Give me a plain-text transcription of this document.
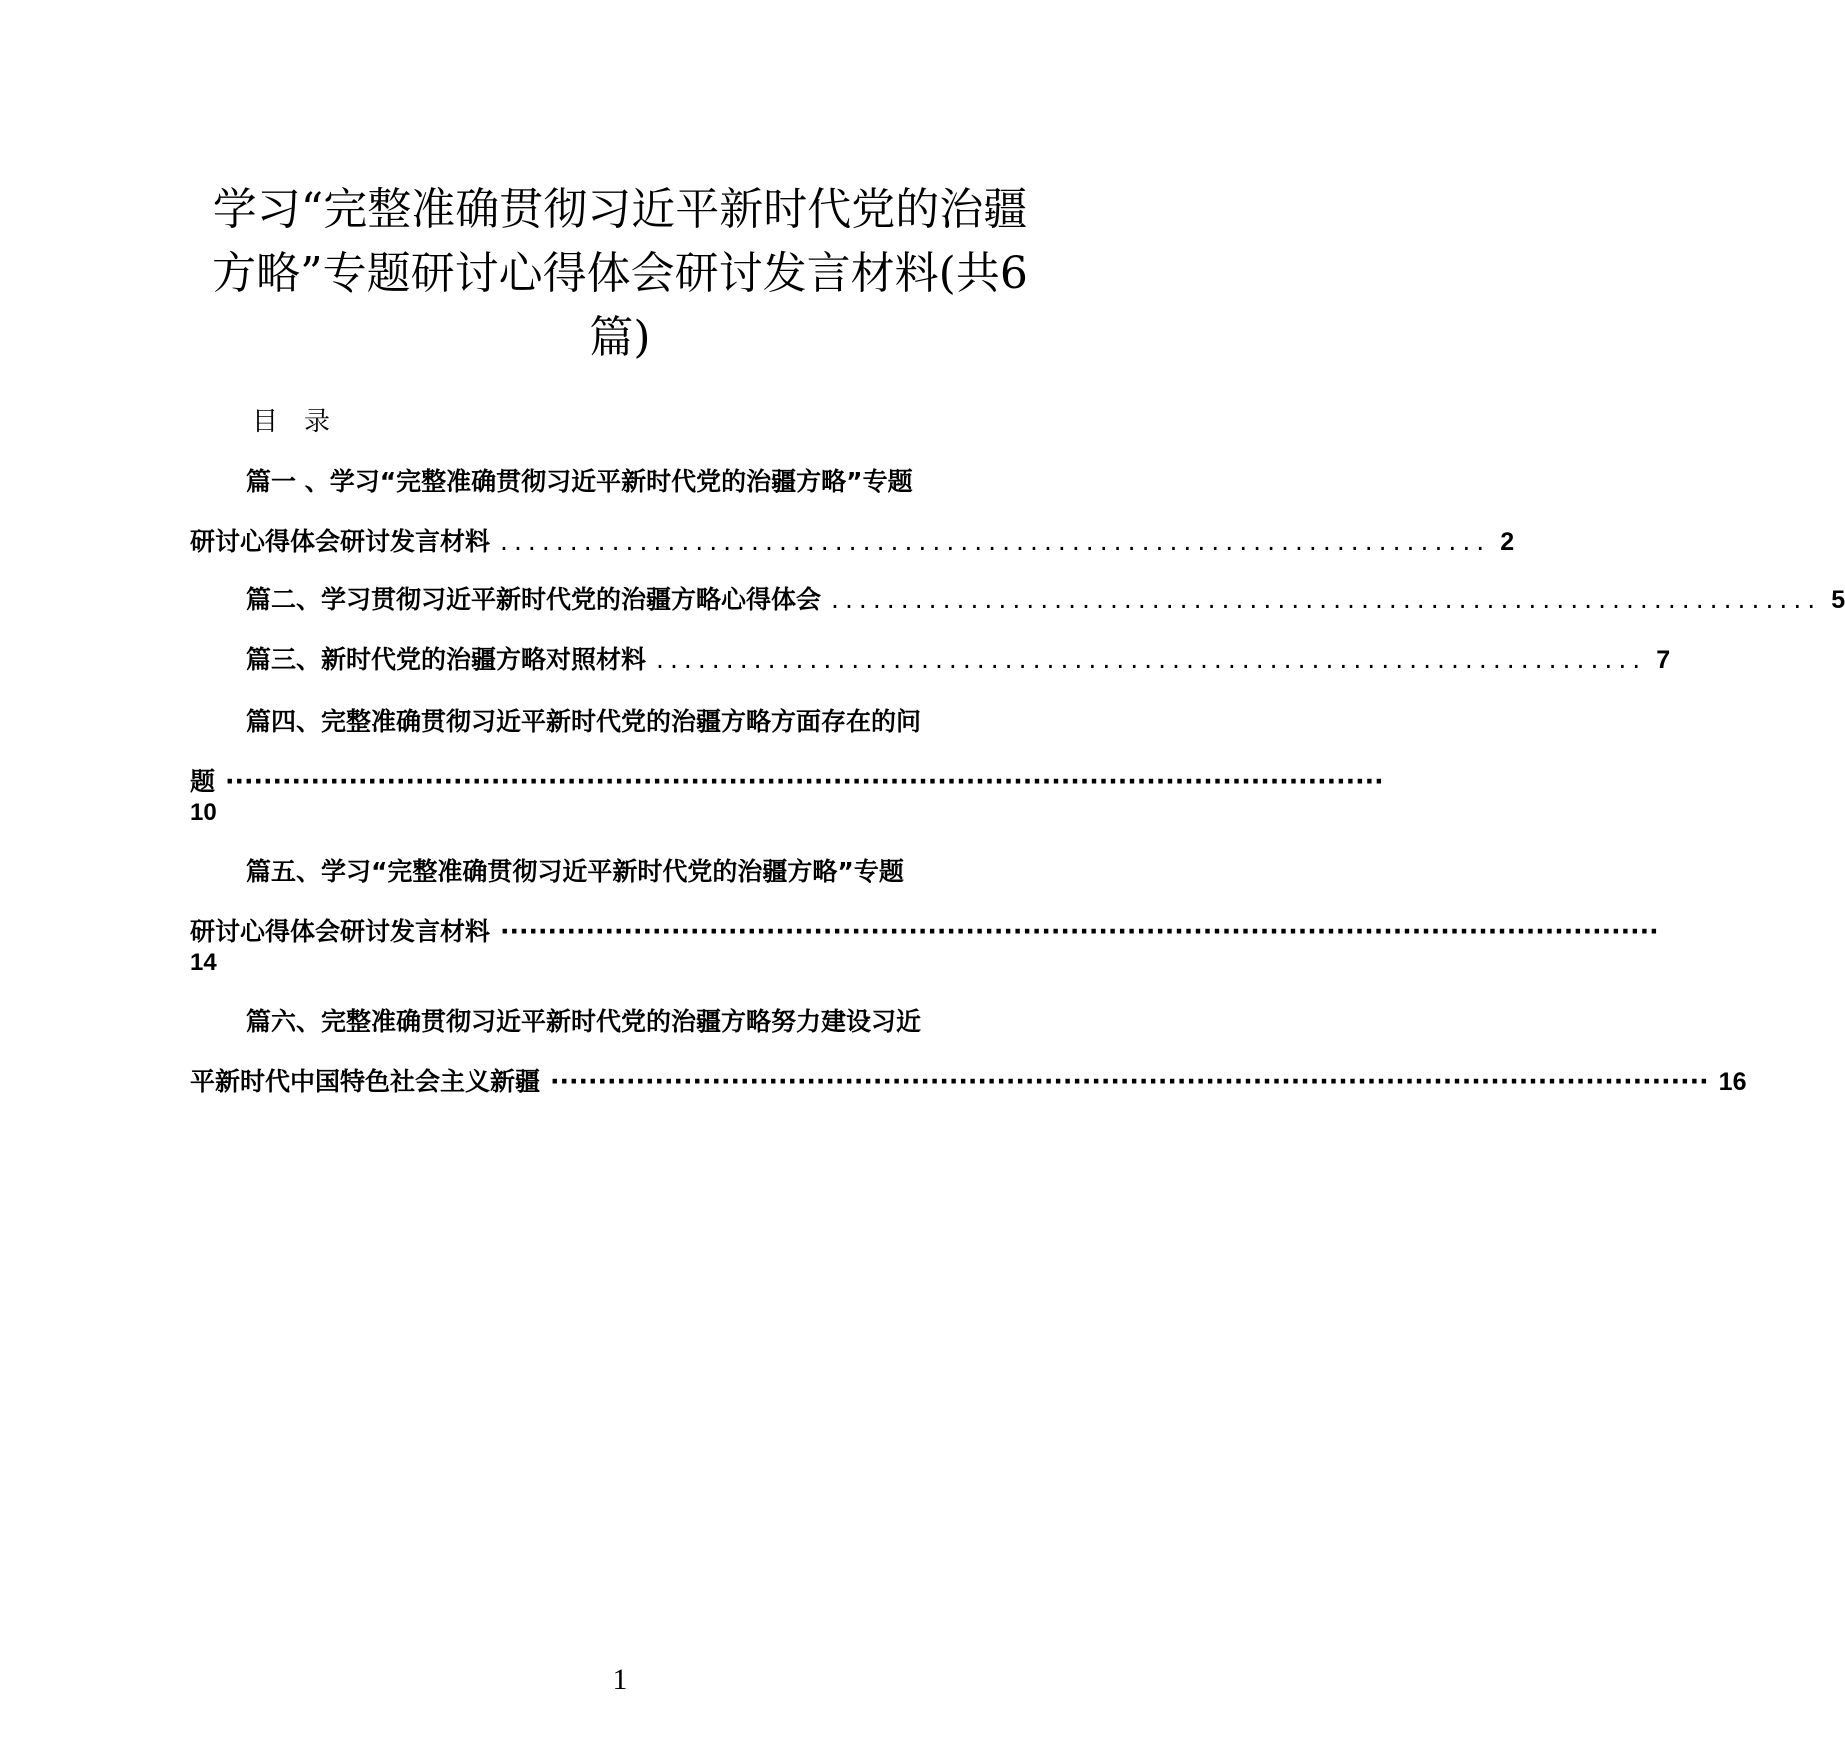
学习“完整准确贯彻习近平新时代党的治疆
方略”专题研讨心得体会研讨发言材料(共6
篇)
目录
篇一 、学习“完整准确贯彻习近平新时代党的治疆方略”专题
研讨心得体会研讨发言材料 ....................................................................... 2
篇二、学习贯彻习近平新时代党的治疆方略心得体会 ....................................................................... 5
篇三、新时代党的治疆方略对照材料 ....................................................................... 7
篇四、完整准确贯彻习近平新时代党的治疆方略方面存在的问
题 ··························································································································
10
篇五、学习“完整准确贯彻习近平新时代党的治疆方略”专题
研讨心得体会研讨发言材料 ··························································································································
14
篇六、完整准确贯彻习近平新时代党的治疆方略努力建设习近
平新时代中国特色社会主义新疆 ·························································································································· 16
1
